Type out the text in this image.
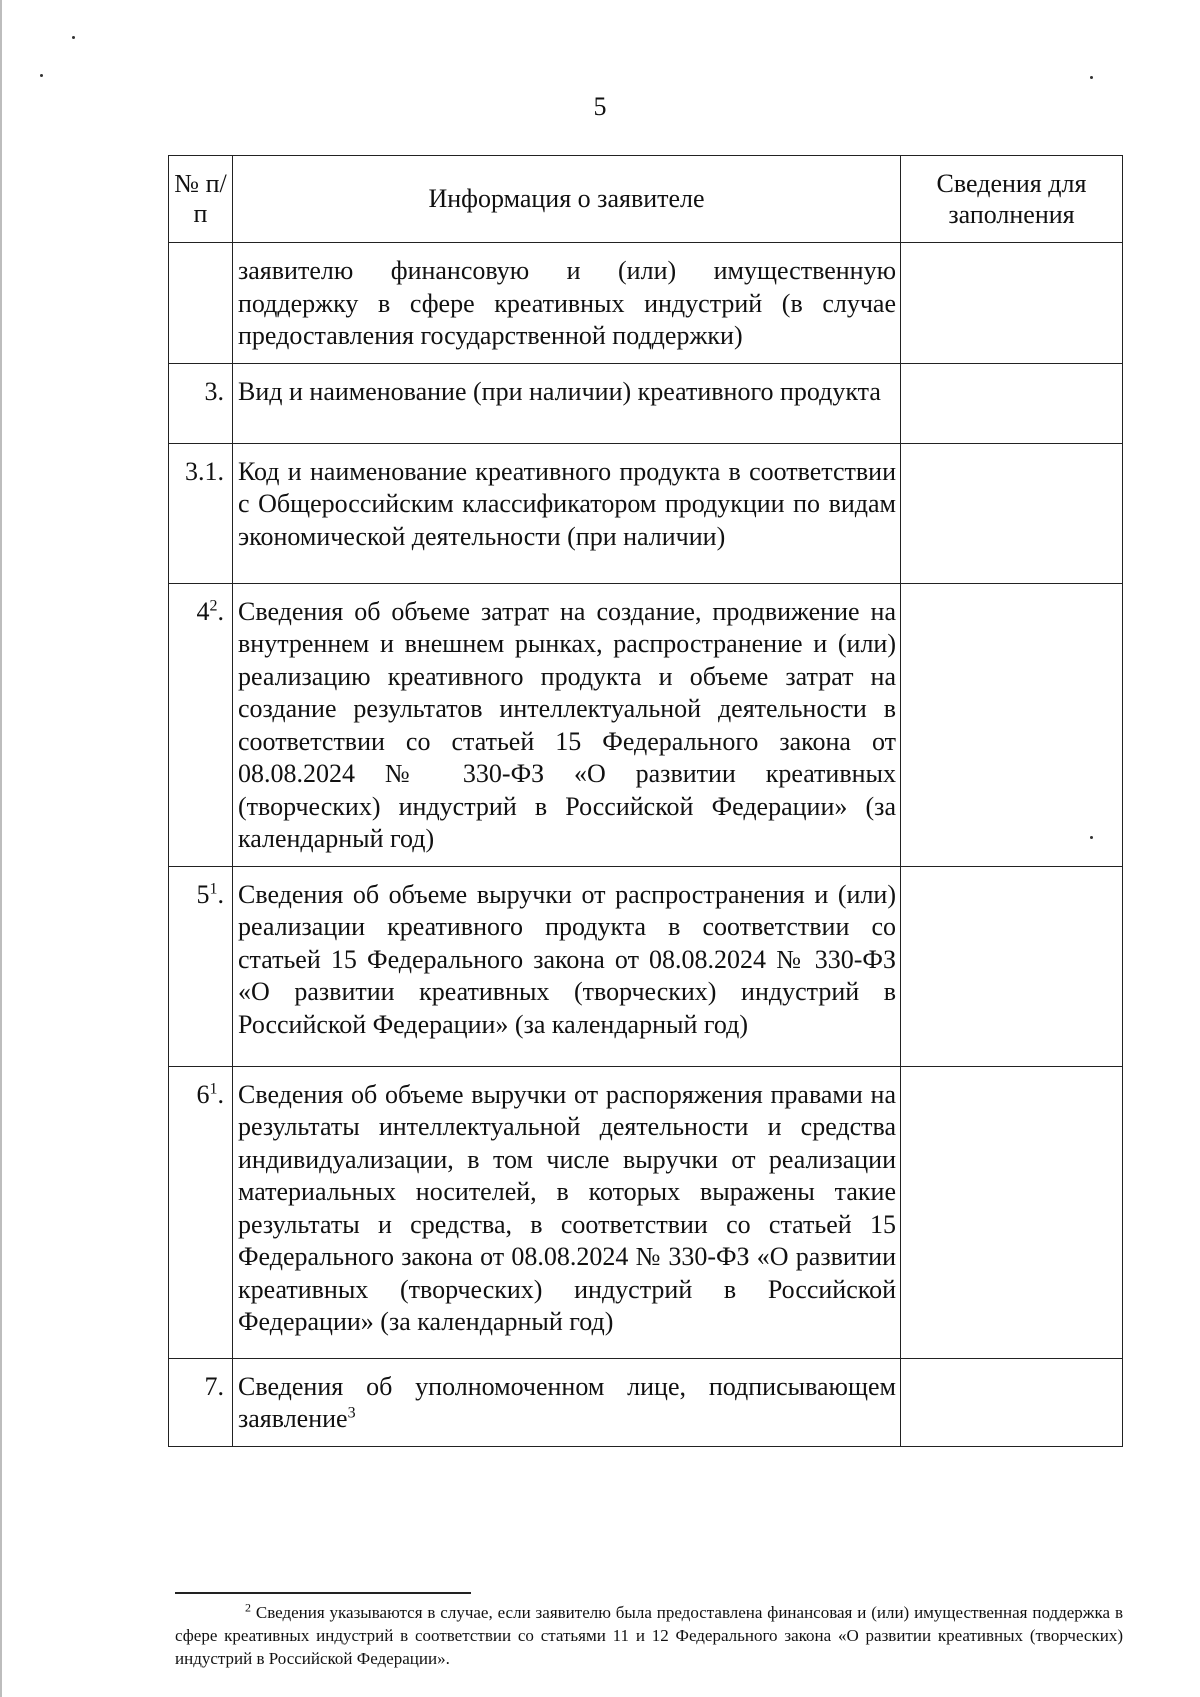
5
№ п/п	Информация о заявителе	Сведения для заполнения
	заявителю финансовую и (или) имущественную поддержку в сфере креативных индустрий (в случае предоставления государственной поддержки)	
3.	Вид и наименование (при наличии) креативного продукта	
3.1.	Код и наименование креативного продукта в соответствии с Общероссийским классификатором продукции по видам экономической деятельности (при наличии)	
$4^2$.	Сведения об объеме затрат на создание, продвижение на внутреннем и внешнем рынках, распространение и (или) реализацию креативного продукта и объеме затрат на создание результатов интеллектуальной деятельности в соответствии со статьей 15 Федерального закона от 08.08.2024 № 330-ФЗ «О развитии креативных (творческих) индустрий в Российской Федерации» (за календарный год)	
$5^1$.	Сведения об объеме выручки от распространения и (или) реализации креативного продукта в соответствии со статьей 15 Федерального закона от 08.08.2024 № 330-ФЗ «О развитии креативных (творческих) индустрий в Российской Федерации» (за календарный год)	
$6^1$.	Сведения об объеме выручки от распоряжения правами на результаты интеллектуальной деятельности и средства индивидуализации, в том числе выручки от реализации материальных носителей, в которых выражены такие результаты и средства, в соответствии со статьей 15 Федерального закона от 08.08.2024 № 330-ФЗ «О развитии креативных (творческих) индустрий в Российской Федерации» (за календарный год)	
7.	Сведения об уполномоченном лице, подписывающем заявление$^3$	
$^2$ Сведения указываются в случае, если заявителю была предоставлена финансовая и (или) имущественная поддержка в сфере креативных индустрий в соответствии со статьями 11 и 12 Федерального закона «О развитии креативных (творческих) индустрий в Российской Федерации».
